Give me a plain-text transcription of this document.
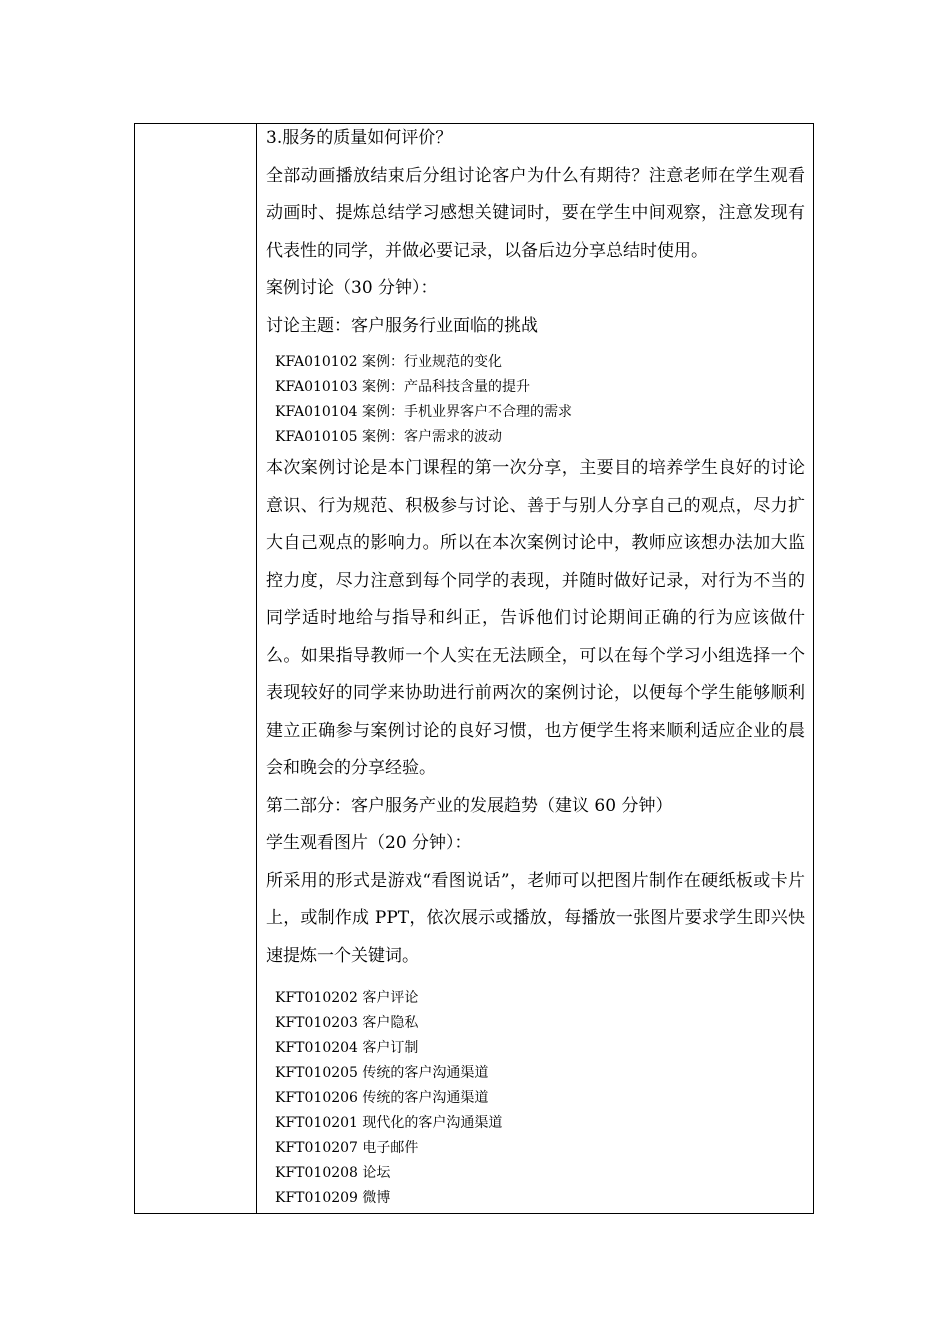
3.服务的质量如何评价？

全部动画播放结束后分组讨论客户为什么有期待？注意老师在学生观看动画时、提炼总结学习感想关键词时，要在学生中间观察，注意发现有代表性的同学，并做必要记录，以备后边分享总结时使用。

案例讨论（30 分钟）：

讨论主题：客户服务行业面临的挑战

KFA010102 案例：行业规范的变化
KFA010103 案例：产品科技含量的提升
KFA010104 案例：手机业界客户不合理的需求
KFA010105 案例：客户需求的波动

本次案例讨论是本门课程的第一次分享，主要目的培养学生良好的讨论意识、行为规范、积极参与讨论、善于与别人分享自己的观点，尽力扩大自己观点的影响力。所以在本次案例讨论中，教师应该想办法加大监控力度，尽力注意到每个同学的表现，并随时做好记录，对行为不当的同学适时地给与指导和纠正，告诉他们讨论期间正确的行为应该做什么。如果指导教师一个人实在无法顾全，可以在每个学习小组选择一个表现较好的同学来协助进行前两次的案例讨论，以便每个学生能够顺利建立正确参与案例讨论的良好习惯，也方便学生将来顺利适应企业的晨会和晚会的分享经验。

第二部分：客户服务产业的发展趋势（建议 60 分钟）

学生观看图片（20 分钟）：

所采用的形式是游戏“看图说话”，老师可以把图片制作在硬纸板或卡片上，或制作成 PPT，依次展示或播放，每播放一张图片要求学生即兴快速提炼一个关键词。

KFT010202 客户评论
KFT010203 客户隐私
KFT010204 客户订制
KFT010205 传统的客户沟通渠道
KFT010206 传统的客户沟通渠道
KFT010201 现代化的客户沟通渠道
KFT010207 电子邮件
KFT010208 论坛
KFT010209 微博
